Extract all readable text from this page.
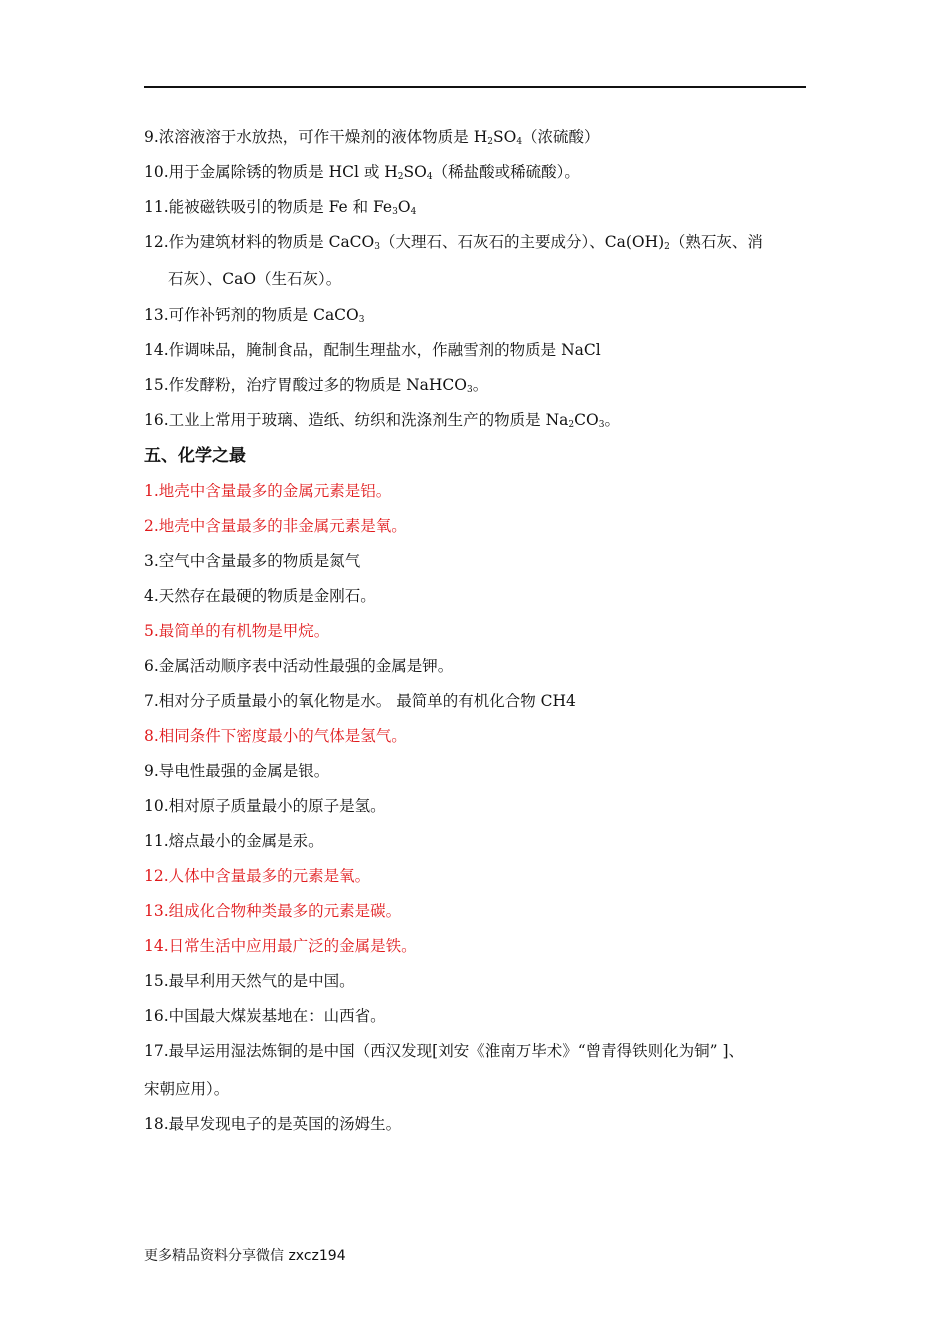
9.浓溶液溶于水放热，可作干燥剂的液体物质是 $H_2SO_4$（浓硫酸）
10.用于金属除锈的物质是 HCl 或 $H_2SO_4$（稀盐酸或稀硫酸）。
11.能被磁铁吸引的物质是 Fe 和 $Fe_3O_4$
12.作为建筑材料的物质是 CaCO$_3$（大理石、石灰石的主要成分）、$Ca(OH)_2$（熟石灰、消
石灰）、CaO（生石灰）。
13.可作补钙剂的物质是 CaCO$_3$
14.作调味品，腌制食品，配制生理盐水，作融雪剂的物质是 NaCl
15.作发酵粉，治疗胃酸过多的物质是 NaHCO$_3$。
16.工业上常用于玻璃、造纸、纺织和洗涤剂生产的物质是 $Na_2CO_3$。
五、化学之最
1.地壳中含量最多的金属元素是铝。
2.地壳中含量最多的非金属元素是氧。
3.空气中含量最多的物质是氮气
4.天然存在最硬的物质是金刚石。
5.最简单的有机物是甲烷。
6.金属活动顺序表中活动性最强的金属是钾。
7.相对分子质量最小的氧化物是水。 最简单的有机化合物 CH4
8.相同条件下密度最小的气体是氢气。
9.导电性最强的金属是银。
10.相对原子质量最小的原子是氢。
11.熔点最小的金属是汞。
12.人体中含量最多的元素是氧。
13.组成化合物种类最多的元素是碳。
14.日常生活中应用最广泛的金属是铁。
15.最早利用天然气的是中国。
16.中国最大煤炭基地在：山西省。
17.最早运用湿法炼铜的是中国（西汉发现[刘安《淮南万毕术》“曾青得铁则化为铜” ]、
宋朝应用）。
18.最早发现电子的是英国的汤姆生。
更多精品资料分享微信 zxcz194
